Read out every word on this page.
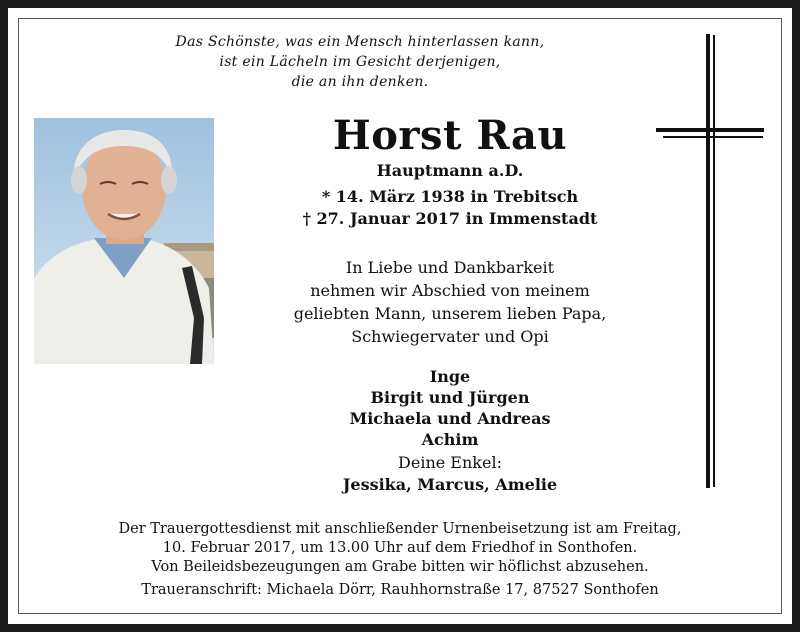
Das Schönste, was ein Mensch hinterlassen kann,
ist ein Lächeln im Gesicht derjenigen,
die an ihn denken.
Horst Rau
Hauptmann a.D.
* 14. März 1938 in Trebitsch
† 27. Januar 2017 in Immenstadt
In Liebe und Dankbarkeit
nehmen wir Abschied von meinem
geliebten Mann, unserem lieben Papa,
Schwiegervater und Opi
Inge
Birgit und Jürgen
Michaela und Andreas
Achim
Deine Enkel:
Jessika, Marcus, Amelie
Der Trauergottesdienst mit anschließender Urnenbeisetzung ist am Freitag,
10. Februar 2017, um 13.00 Uhr auf dem Friedhof in Sonthofen.
Von Beileidsbezeugungen am Grabe bitten wir höflichst abzusehen.
Traueranschrift: Michaela Dörr, Rauhhornstraße 17, 87527 Sonthofen
